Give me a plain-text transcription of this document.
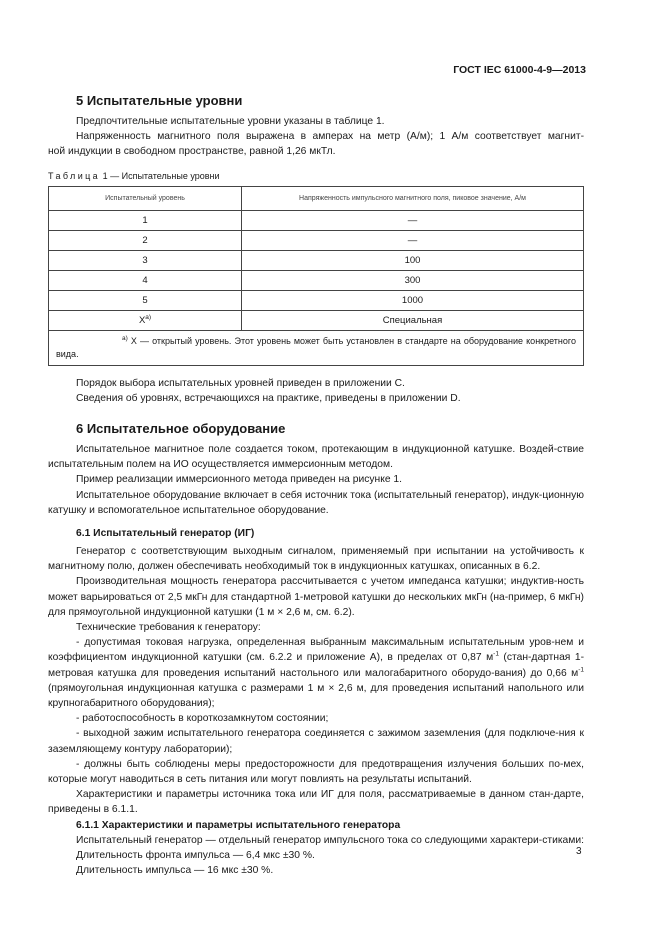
ГОСТ IEC 61000-4-9—2013
5 Испытательные уровни

Предпочтительные испытательные уровни указаны в таблице 1.

Напряженность магнитного поля выражена в амперах на метр (А/м); 1 А/м соответствует магнит-

ной индукции в свободном пространстве, равной 1,26 мкТл.

Таблица 1 — Испытательные уровни
Испытательный уровень	Напряженность импульсного магнитного поля, пиковое значение, А/м
1	—
2	—
3	100
4	300
5	1000
$X^{a)}$	Специальная
$^{a)}$ X — открытый уровень. Этот уровень может быть установлен в стандарте на оборудование конкретного вида.	

Порядок выбора испытательных уровней приведен в приложении С.

Сведения об уровнях, встречающихся на практике, приведены в приложении D.

6 Испытательное оборудование

Испытательное магнитное поле создается током, протекающим в индукционной катушке. Воздей-ствие испытательным полем на ИО осуществляется иммерсионным методом.

Пример реализации иммерсионного метода приведен на рисунке 1.

Испытательное оборудование включает в себя источник тока (испытательный генератор), индук-ционную катушку и вспомогательное испытательное оборудование.

6.1 Испытательный генератор (ИГ)

Генератор с соответствующим выходным сигналом, применяемый при испытании на устойчивость к магнитному полю, должен обеспечивать необходимый ток в индукционных катушках, описанных в 6.2.

Производительная мощность генератора рассчитывается с учетом импеданса катушки; индуктив-ность может варьироваться от 2,5 мкГн для стандартной 1-метровой катушки до нескольких мкГн (на-пример, 6 мкГн) для прямоугольной индукционной катушки (1 м × 2,6 м, см. 6.2).

Технические требования к генератору:

- допустимая токовая нагрузка, определенная выбранным максимальным испытательным уров-нем и коэффициентом индукционной катушки (см. 6.2.2 и приложение А), в пределах от 0,87 $м^{-1}$ (стан-дартная 1-метровая катушка для проведения испытаний настольного или малогабаритного оборудо-вания) до 0,66 $м^{-1}$ (прямоугольная индукционная катушка с размерами 1 м × 2,6 м, для проведения испытаний напольного или крупногабаритного оборудования);

- работоспособность в короткозамкнутом состоянии;

- выходной зажим испытательного генератора соединяется с зажимом заземления (для подключе-ния к заземляющему контуру лаборатории);

- должны быть соблюдены меры предосторожности для предотвращения излучения больших по-мех, которые могут наводиться в сеть питания или могут повлиять на результаты испытаний.

Характеристики и параметры источника тока или ИГ для поля, рассматриваемые в данном стан-дарте, приведены в 6.1.1.

6.1.1 Характеристики и параметры испытательного генератора

Испытательный генератор — отдельный генератор импульсного тока со следующими характери-стиками:

Длительность фронта импульса — 6,4 мкс ±30 %.

Длительность импульса — 16 мкс ±30 %.

3
